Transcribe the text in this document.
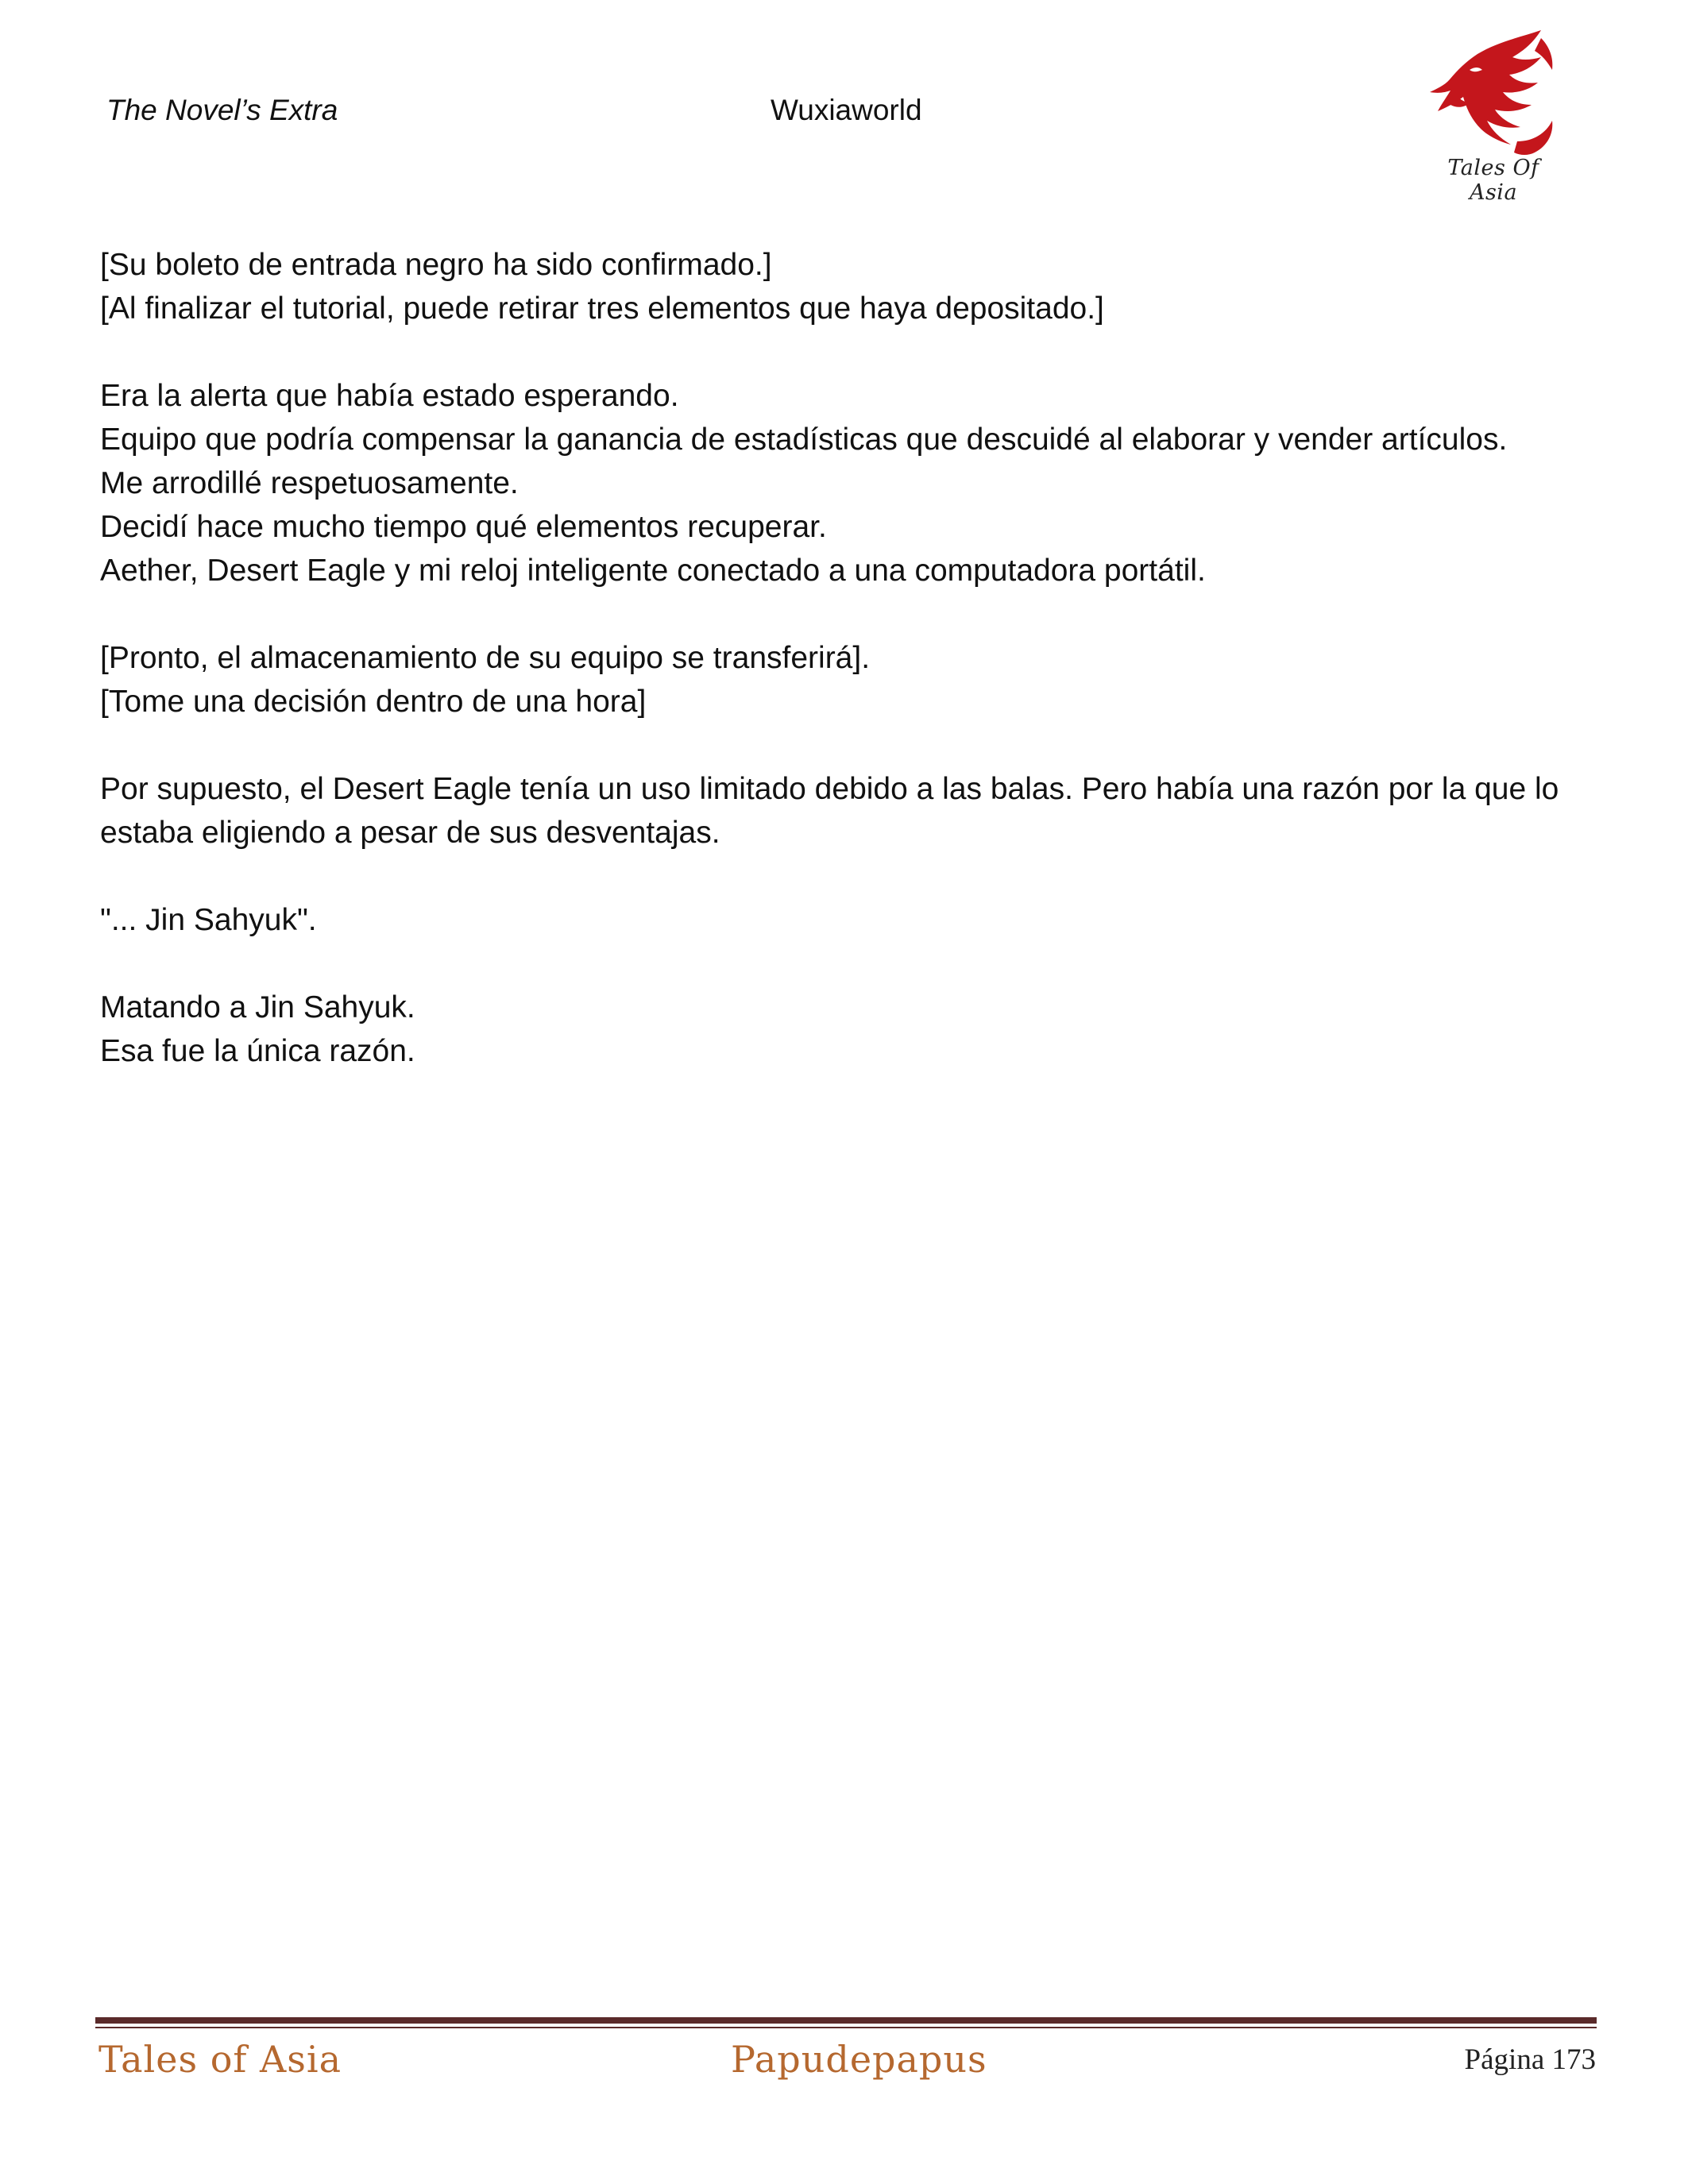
The Novel’s Extra	Wuxiaworld
Tales Of Asia

[Su boleto de entrada negro ha sido confirmado.]

[Al finalizar el tutorial, puede retirar tres elementos que haya depositado.]

Era la alerta que había estado esperando.

Equipo que podría compensar la ganancia de estadísticas que descuidé al elaborar y vender artículos.

Me arrodillé respetuosamente.

Decidí hace mucho tiempo qué elementos recuperar.

Aether, Desert Eagle y mi reloj inteligente conectado a una computadora portátil.

[Pronto, el almacenamiento de su equipo se transferirá].

[Tome una decisión dentro de una hora]

Por supuesto, el Desert Eagle tenía un uso limitado debido a las balas. Pero había una razón por la que lo estaba eligiendo a pesar de sus desventajas.

"... Jin Sahyuk".

Matando a Jin Sahyuk.

Esa fue la única razón.

Tales of Asia	Papudepapus	Página 173
